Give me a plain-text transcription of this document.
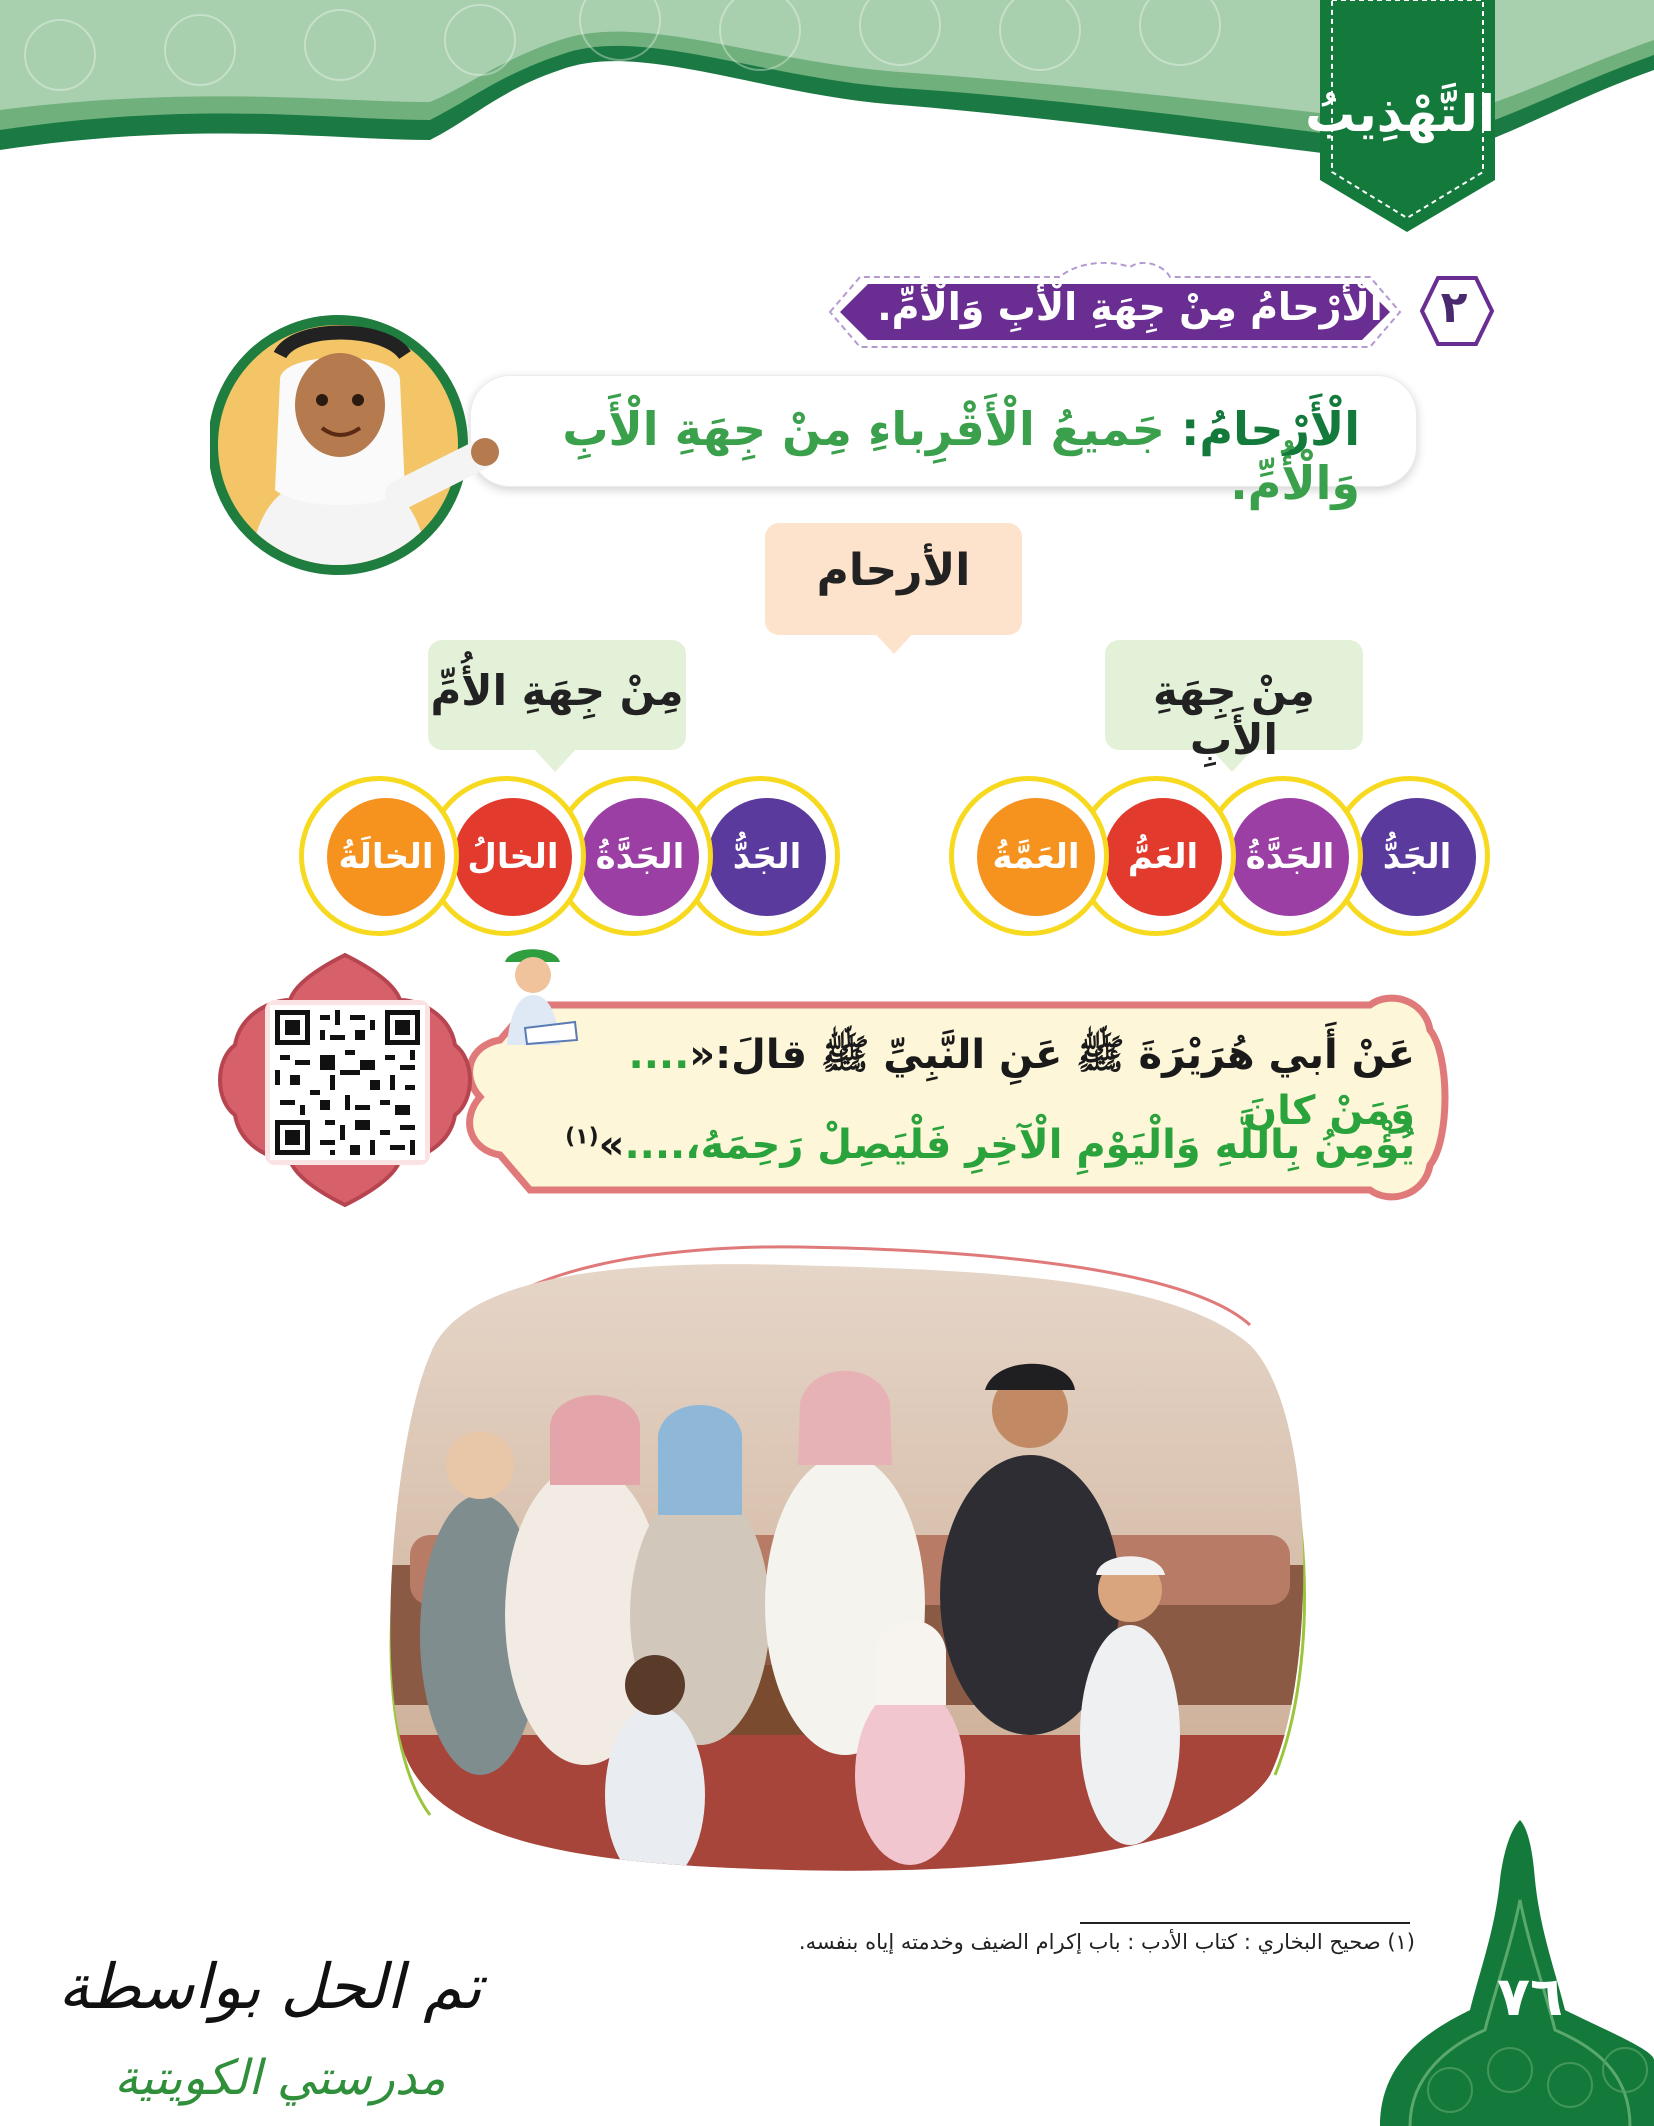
التَّهْذِيبُ
٢
الْأَرْحامُ مِنْ جِهَةِ الْأَبِ وَالْأُمِّ.
الْأَرْحامُ: جَميعُ الْأَقْرِباءِ مِنْ جِهَةِ الْأَبِ وَالْأُمِّ.
الأرحام
مِنْ جِهَةِ الأَبِ
مِنْ جِهَةِ الأُمِّ
الجَدُّ
الجَدَّةُ
العَمُّ
العَمَّةُ
الجَدُّ
الجَدَّةُ
الخالُ
الخالَةُ
عَنْ أَبي هُرَيْرَةَ ﷺ عَنِ النَّبِيِّ ﷺ قالَ:«.... وَمَنْ كانَ
يُؤْمِنُ بِاللَّهِ وَالْيَوْمِ الْآخِرِ فَلْيَصِلْ رَحِمَهُ،....»$^{(١)}$
(١) صحيح البخاري : كتاب الأدب : باب إكرام الضيف وخدمته إياه بنفسه.
٧٦
تم الحل بواسطة
مدرستي الكويتية
